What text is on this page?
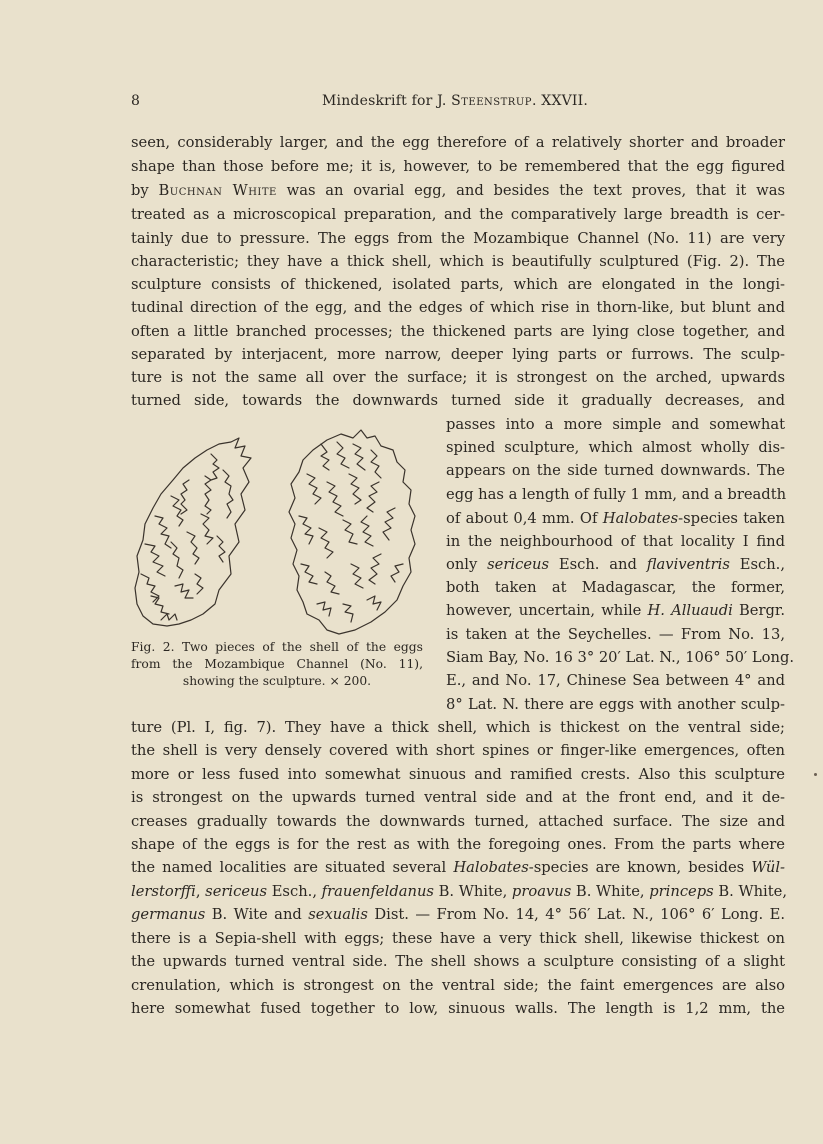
8	Mindeskrift for J. Steenstrup. XXVII.
seen, considerably larger, and the egg therefore of a relatively shorter and broader
shape than those before me; it is, however, to be remembered that the egg figured
by Buchnan White was an ovarial egg, and besides the text proves, that it was
treated as a microscopical preparation, and the comparatively large breadth is cer-
tainly due to pressure. The eggs from the Mozambique Channel (No. 11) are very
characteristic; they have a thick shell, which is beautifully sculptured (Fig. 2). The
sculpture consists of thickened, isolated parts, which are elongated in the longi-
tudinal direction of the egg, and the edges of which rise in thorn-like, but blunt and
often a little branched processes; the thickened parts are lying close together, and
separated by interjacent, more narrow, deeper lying parts or furrows. The sculp-
ture is not the same all over the surface; it is strongest on the arched, upwards
turned side, towards the downwards turned side it gradually decreases, and
passes into a more simple and somewhat
spined sculpture, which almost wholly dis-
appears on the side turned downwards. The
egg has a length of fully 1 mm, and a breadth
of about 0,4 mm. Of Halobates-species taken
in the neighbourhood of that locality I find
only sericeus Esch. and flaviventris Esch.,
both taken at Madagascar, the former,
however, uncertain, while H. Alluaudi Bergr.
is taken at the Seychelles. — From No. 13,
Siam Bay, No. 16 3° 20′ Lat. N., 106° 50′ Long.
E., and No. 17, Chinese Sea between 4° and
8° Lat. N. there are eggs with another sculp-
Fig. 2. Two pieces of the shell of the eggs
from the Mozambique Channel (No. 11),
showing the sculpture. × 200.
ture (Pl. I, fig. 7). They have a thick shell, which is thickest on the ventral side;
the shell is very densely covered with short spines or finger-like emergences, often
more or less fused into somewhat sinuous and ramified crests. Also this sculpture
is strongest on the upwards turned ventral side and at the front end, and it de-
creases gradually towards the downwards turned, attached surface. The size and
shape of the eggs is for the rest as with the foregoing ones. From the parts where
the named localities are situated several Halobates-species are known, besides Wül-
lerstorffi, sericeus Esch., frauenfeldanus B. White, proavus B. White, princeps B. White,
germanus B. Wite and sexualis Dist. — From No. 14, 4° 56′ Lat. N., 106° 6′ Long. E.
there is a Sepia-shell with eggs; these have a very thick shell, likewise thickest on
the upwards turned ventral side. The shell shows a sculpture consisting of a slight
crenulation, which is strongest on the ventral side; the faint emergences are also
here somewhat fused together to low, sinuous walls. The length is 1,2 mm, the
